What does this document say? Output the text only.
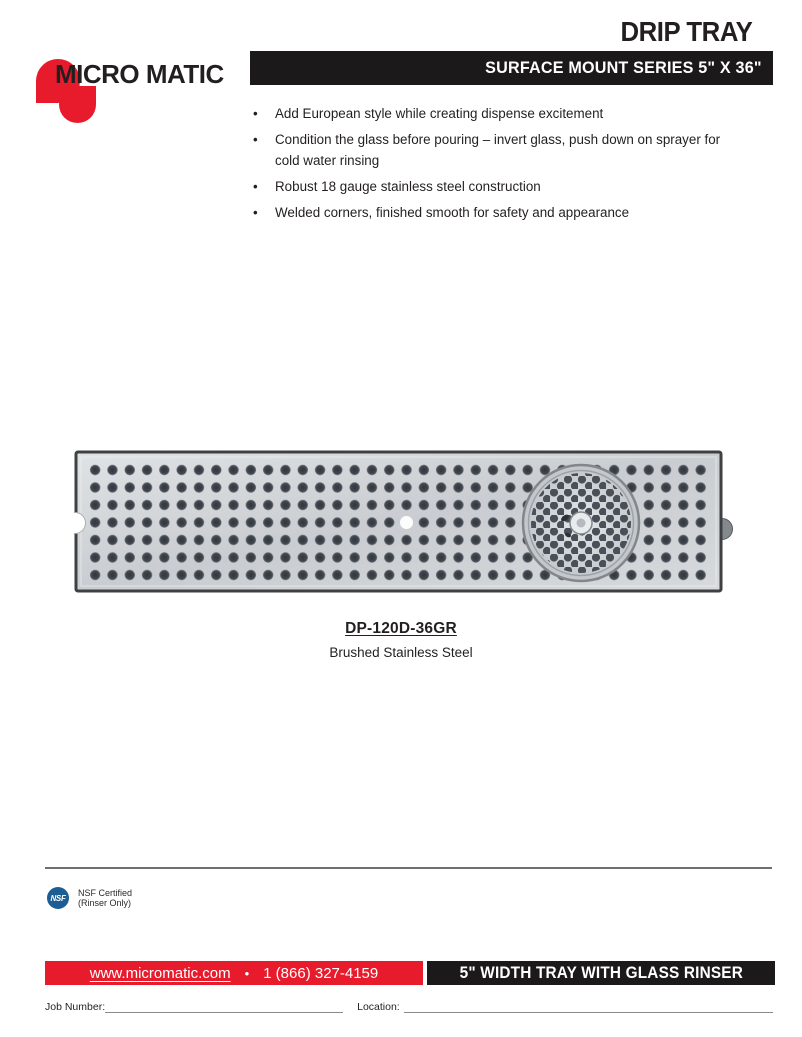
DRIP TRAY
MICRO MATIC	SURFACE MOUNT SERIES 5" X 36"
•	Add European style while creating dispense excitement
•	Condition the glass before pouring – invert glass, push down on sprayer for cold water rinsing
•	Robust 18 gauge stainless steel construction
•	Welded corners, finished smooth for safety and appearance
DP-120D-36GR
Brushed Stainless Steel
NSF
NSF Certified
(Rinser Only)
www.micromatic.com • 1 (866) 327-4159	5" WIDTH TRAY WITH GLASS RINSER
Job Number:	Location:
